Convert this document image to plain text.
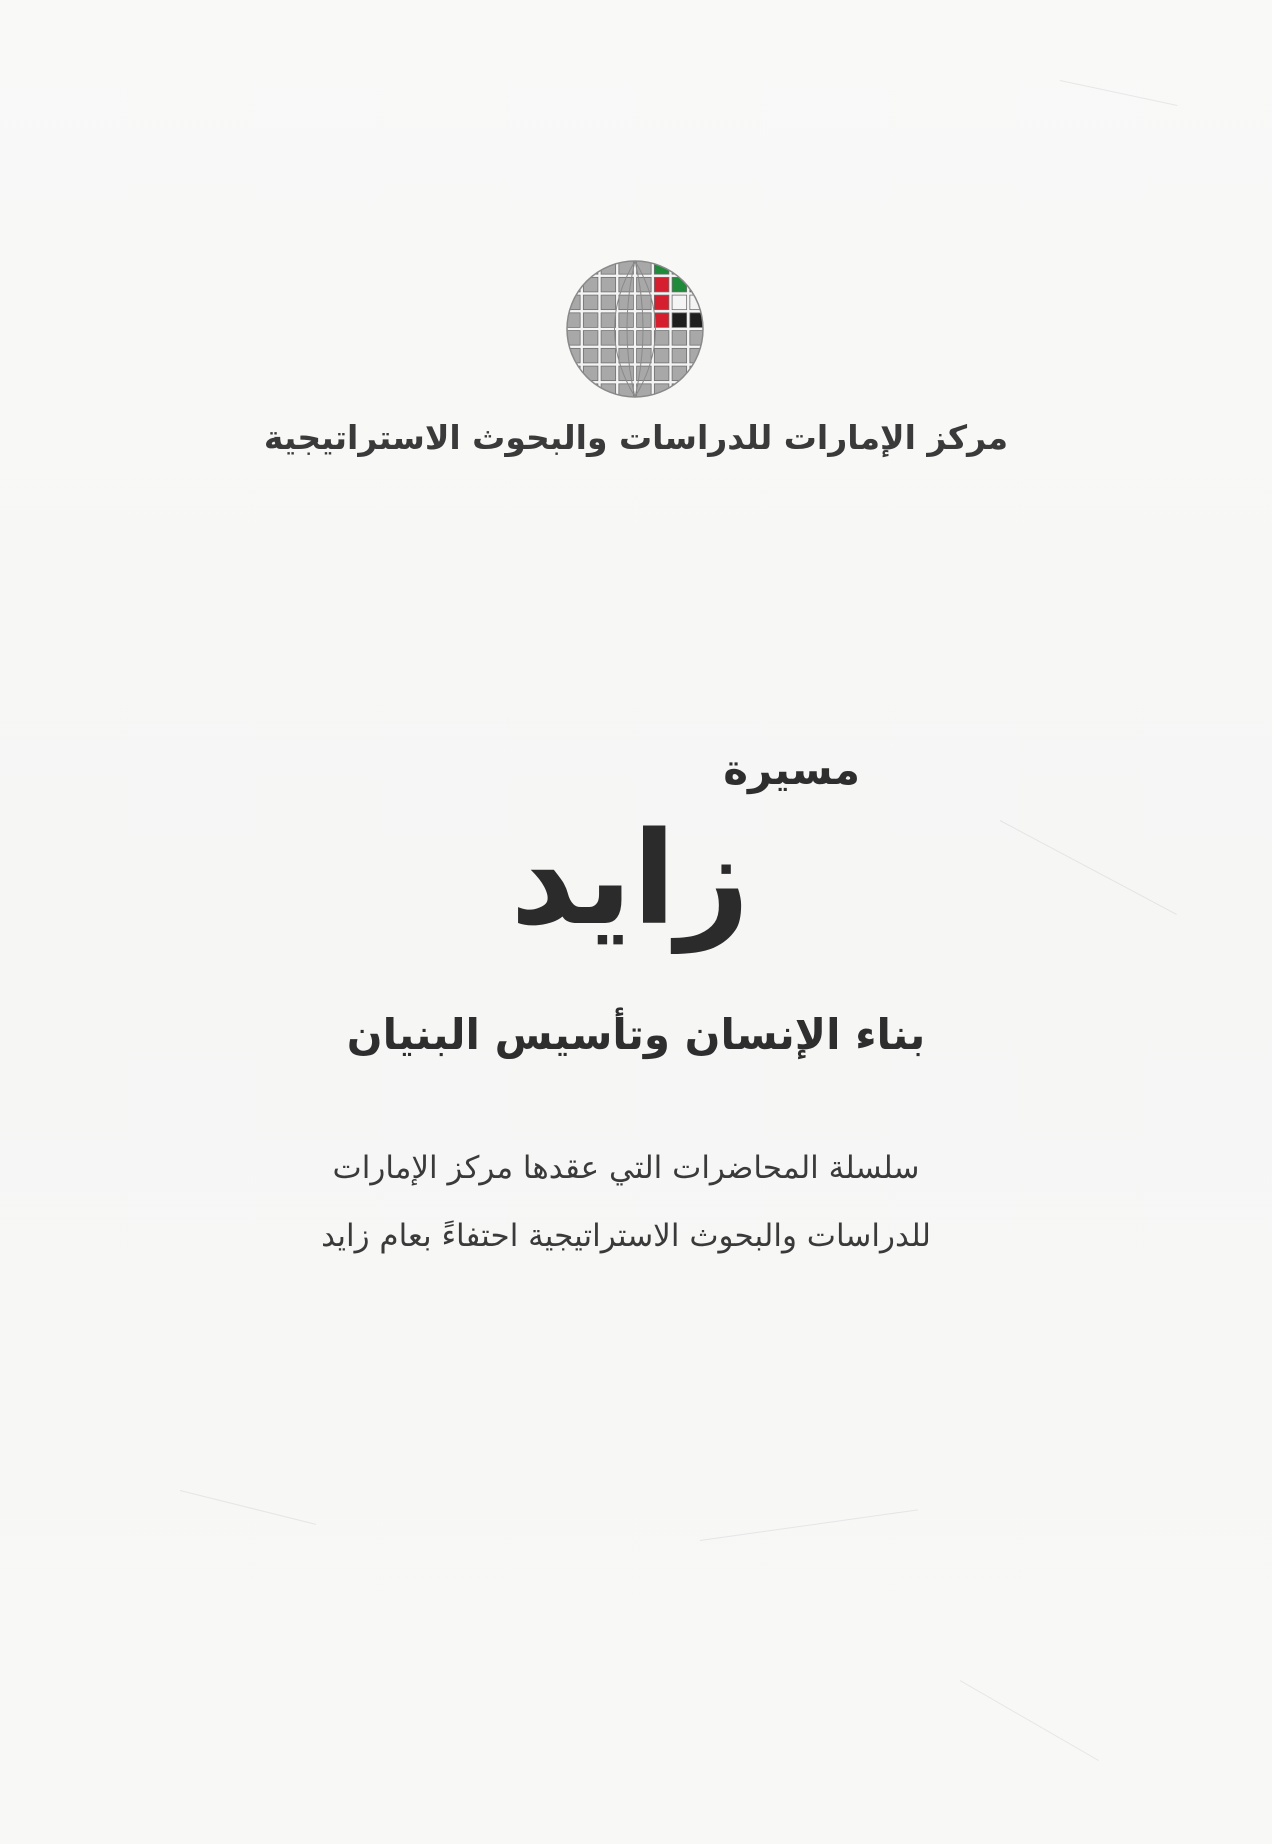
مركز الإمارات للدراسات والبحوث الاستراتيجية
مسيرة
زايد
بناء الإنسان وتأسيس البنيان
سلسلة المحاضرات التي عقدها مركز الإمارات
للدراسات والبحوث الاستراتيجية احتفاءً بعام زايد
